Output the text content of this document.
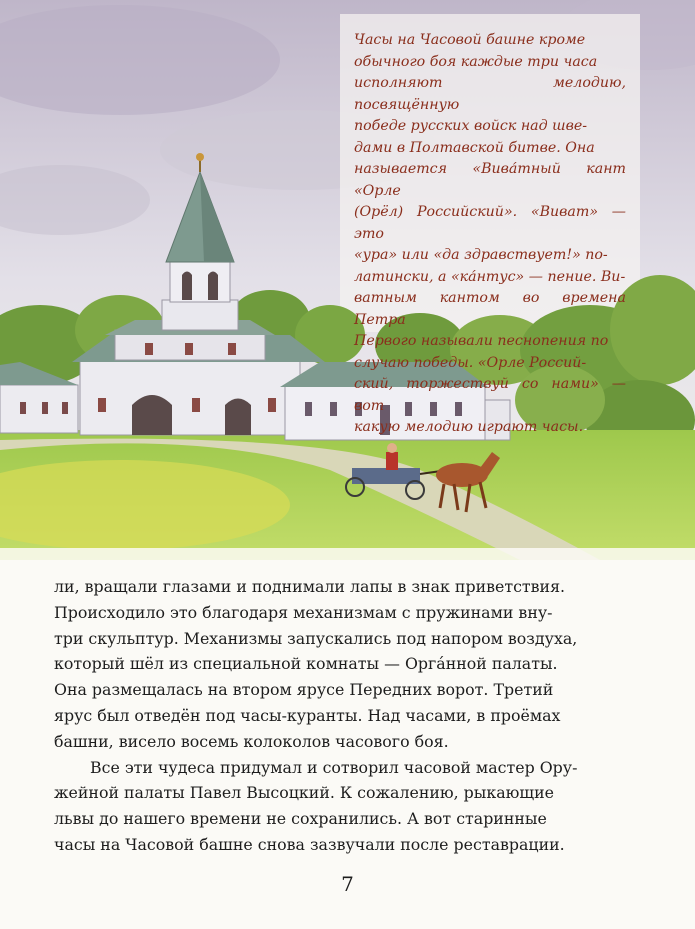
Часы на Часовой башне кроме
обычного боя каждые три часа
исполняют мелодию, посвящённую
победе русских войск над шве-
дами в Полтавской битве. Она
называется «Вива́тный кант «Орле
(Орёл) Российский». «Виват» — это
«ура» или «да здравствует!» по-
латински, а «ка́нтус» — пение. Ви-
ватным кантом во времена Петра
Первого называли песнопения по
случаю победы. «Орле Россий-
ский, торжествуй со нами» — вот
какую мелодию играют часы.

ли, вращали глазами и поднимали лапы в знак приветствия.
Происходило это благодаря механизмам с пружинами вну-
три скульптур. Механизмы запускались под напором воздуха,
который шёл из специальной комнаты — Орга́нной палаты.
Она размещалась на втором ярусе Передних ворот. Третий
ярус был отведён под часы-куранты. Над часами, в проёмах
башни, висело восемь колоколов часового боя.

Все эти чудеса придумал и сотворил часовой мастер Ору-
жейной палаты Павел Высоцкий. К сожалению, рыкающие
львы до нашего времени не сохранились. А вот старинные
часы на Часовой башне снова зазвучали после реставрации.

7
